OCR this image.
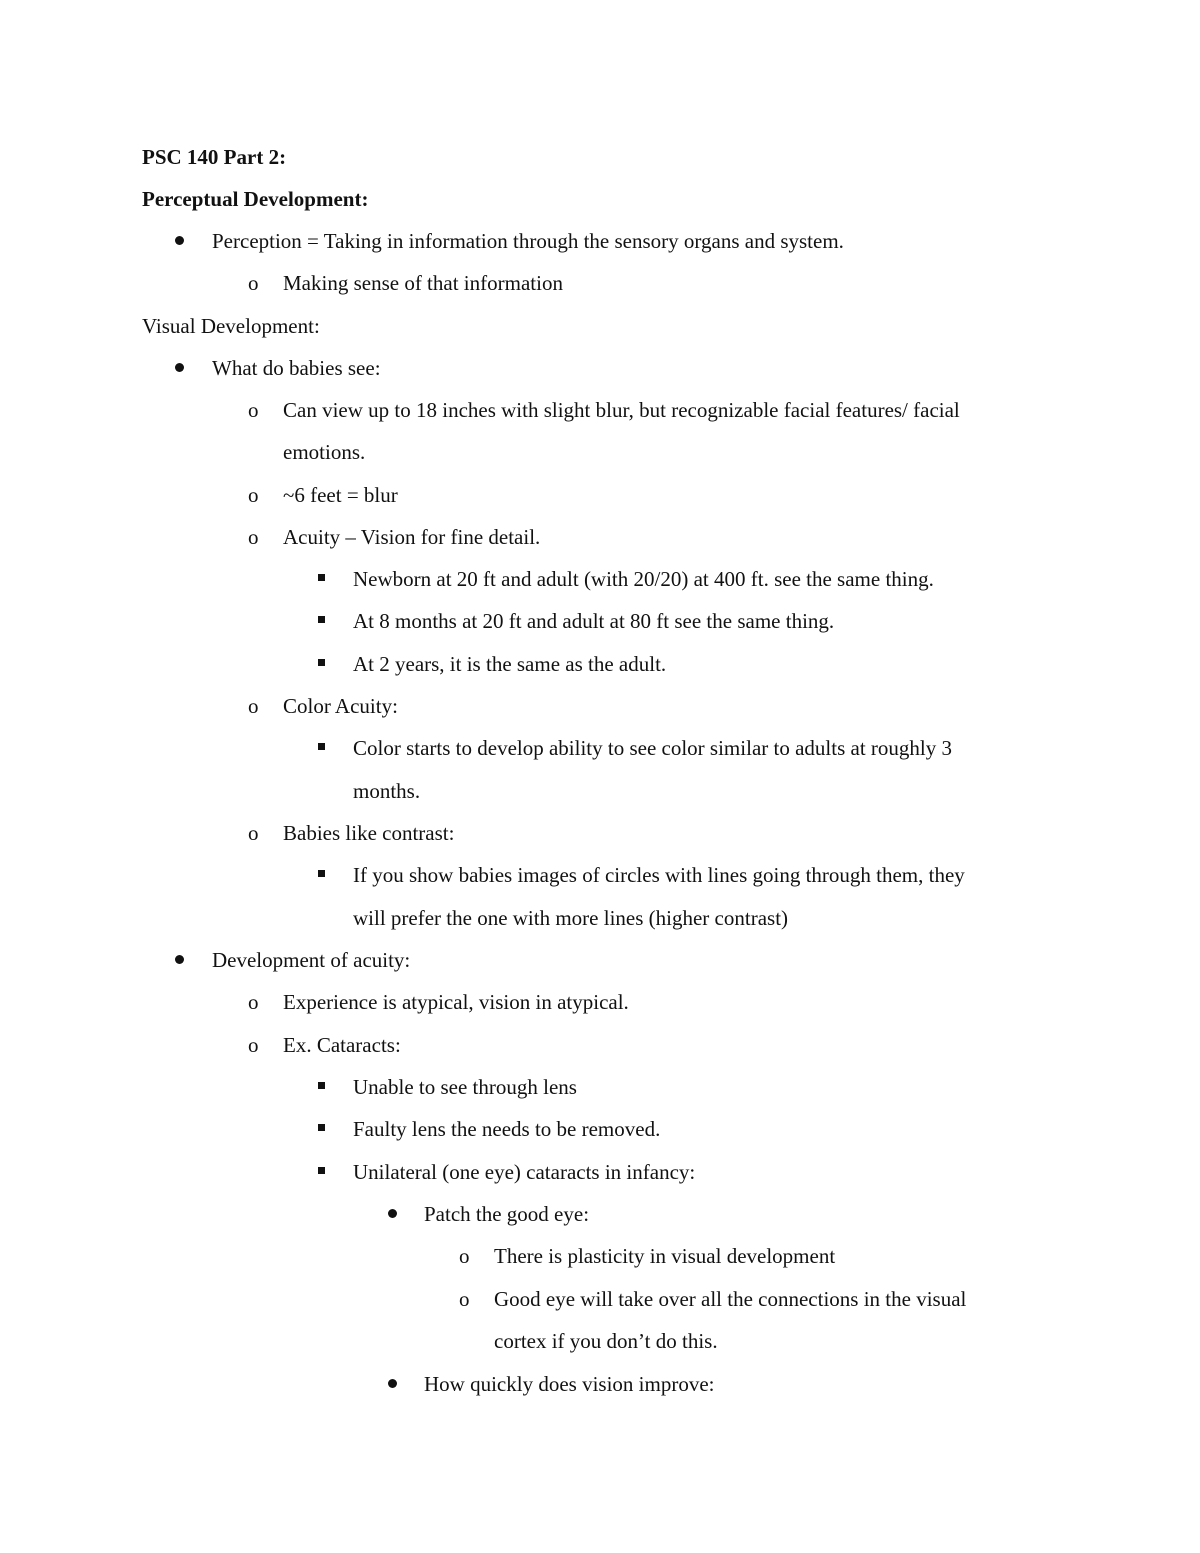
PSC 140 Part 2:
Perceptual Development:
Perception = Taking in information through the sensory organs and system.
o Making sense of that information
Visual Development:
What do babies see:
o Can view up to 18 inches with slight blur, but recognizable facial features/ facial
emotions.
o ~6 feet = blur
o Acuity – Vision for fine detail.
Newborn at 20 ft and adult (with 20/20) at 400 ft. see the same thing.
At 8 months at 20 ft and adult at 80 ft see the same thing.
At 2 years, it is the same as the adult.
o Color Acuity:
Color starts to develop ability to see color similar to adults at roughly 3
months.
o Babies like contrast:
If you show babies images of circles with lines going through them, they
will prefer the one with more lines (higher contrast)
Development of acuity:
o Experience is atypical, vision in atypical.
o Ex. Cataracts:
Unable to see through lens
Faulty lens the needs to be removed.
Unilateral (one eye) cataracts in infancy:
Patch the good eye:
o There is plasticity in visual development
o Good eye will take over all the connections in the visual
cortex if you don’t do this.
How quickly does vision improve:
